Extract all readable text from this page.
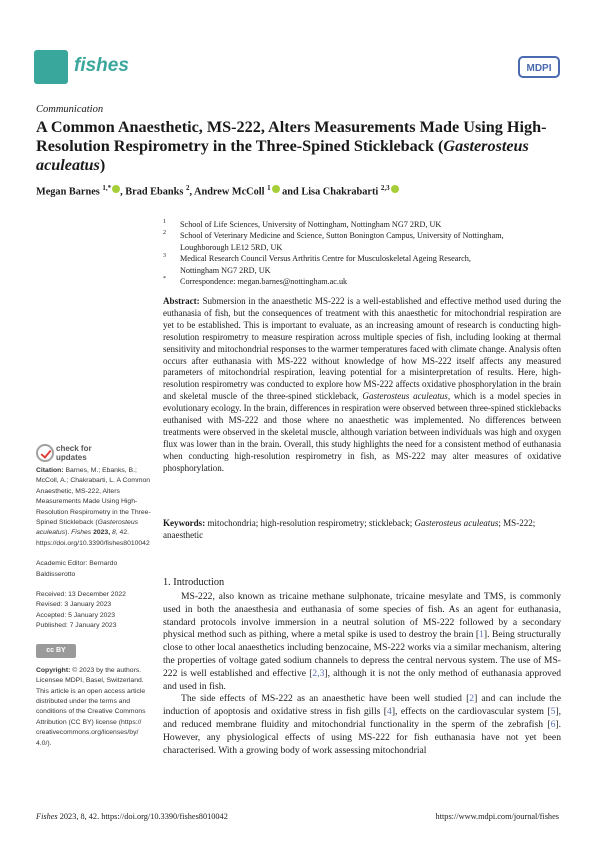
fishes	MDPI
Communication
A Common Anaesthetic, MS-222, Alters Measurements Made Using High-Resolution Respirometry in the Three-Spined Stickleback (Gasterosteus aculeatus)
Megan Barnes $^{1,*}$ , Brad Ebanks $^2$, Andrew McColl $^1$ and Lisa Chakrabarti $^{2,3}$
1 School of Life Sciences, University of Nottingham, Nottingham NG7 2RD, UK
2 School of Veterinary Medicine and Science, Sutton Bonington Campus, University of Nottingham,
Loughborough LE12 5RD, UK
3 Medical Research Council Versus Arthritis Centre for Musculoskeletal Ageing Research,
Nottingham NG7 2RD, UK
* Correspondence: megan.barnes@nottingham.ac.uk
Abstract: Submersion in the anaesthetic MS-222 is a well-established and effective method used during the euthanasia of fish, but the consequences of treatment with this anaesthetic for mitochondrial respiration are yet to be established. This is important to evaluate, as an increasing amount of research is conducting high-resolution respirometry to measure respiration across multiple species of fish, including looking at thermal sensitivity and mitochondrial responses to the warmer temperatures faced with climate change. Analysis often occurs after euthanasia with MS-222 without knowledge of how MS-222 itself affects any measured parameters of mitochondrial respiration, leaving potential for a misinterpretation of results. Here, high-resolution respirometry was conducted to explore how MS-222 affects oxidative phosphorylation in the brain and skeletal muscle of the three-spined stickleback, Gasterosteus aculeatus, which is a model species in evolutionary ecology. In the brain, differences in respiration were observed between three-spined sticklebacks euthanised with MS-222 and those where no anaesthetic was implemented. No differences between treatments were observed in the skeletal muscle, although variation between individuals was high and oxygen flux was lower than in the brain. Overall, this study highlights the need for a consistent method of euthanasia when conducting high-resolution respirometry in fish, as MS-222 may alter measures of oxidative phosphorylation.
Keywords: mitochondria; high-resolution respirometry; stickleback; Gasterosteus aculeatus; MS-222; anaesthetic
check for
updates

Citation: Barnes, M.; Ebanks, B.; McColl, A.; Chakrabarti, L. A Common Anaesthetic, MS-222, Alters Measurements Made Using High-Resolution Respirometry in the Three-Spined Stickleback (Gasterosteus aculeatus). Fishes 2023, 8, 42. https://doi.org/10.3390/fishes8010042

Academic Editor: Bernardo Baldisserotto

Received: 13 December 2022

Revised: 3 January 2023

Accepted: 5 January 2023

Published: 7 January 2023

cc BY

Copyright: © 2023 by the authors. Licensee MDPI, Basel, Switzerland. This article is an open access article distributed under the terms and conditions of the Creative Commons Attribution (CC BY) license (https:// creativecommons.org/licenses/by/ 4.0/).

1. Introduction

MS-222, also known as tricaine methane sulphonate, tricaine mesylate and TMS, is commonly used in both the anaesthesia and euthanasia of some species of fish. As an agent for euthanasia, standard protocols involve immersion in a neutral solution of MS-222 followed by a secondary physical method such as pithing, where a metal spike is used to destroy the brain [1]. Being structurally close to other local anaesthetics including benzocaine, MS-222 works via a similar mechanism, altering the properties of voltage gated sodium channels to depress the central nervous system. The use of MS-222 is well established and effective [2,3], although it is not the only method of euthanasia approved and used in fish.

The side effects of MS-222 as an anaesthetic have been well studied [2] and can include the induction of apoptosis and oxidative stress in fish gills [4], effects on the cardiovascular system [5], and reduced membrane fluidity and mitochondrial functionality in the sperm of the zebrafish [6]. However, any physiological effects of using MS-222 for fish euthanasia have not yet been characterised. With a growing body of work assessing mitochondrial

Fishes 2023, 8, 42. https://doi.org/10.3390/fishes8010042	https://www.mdpi.com/journal/fishes
